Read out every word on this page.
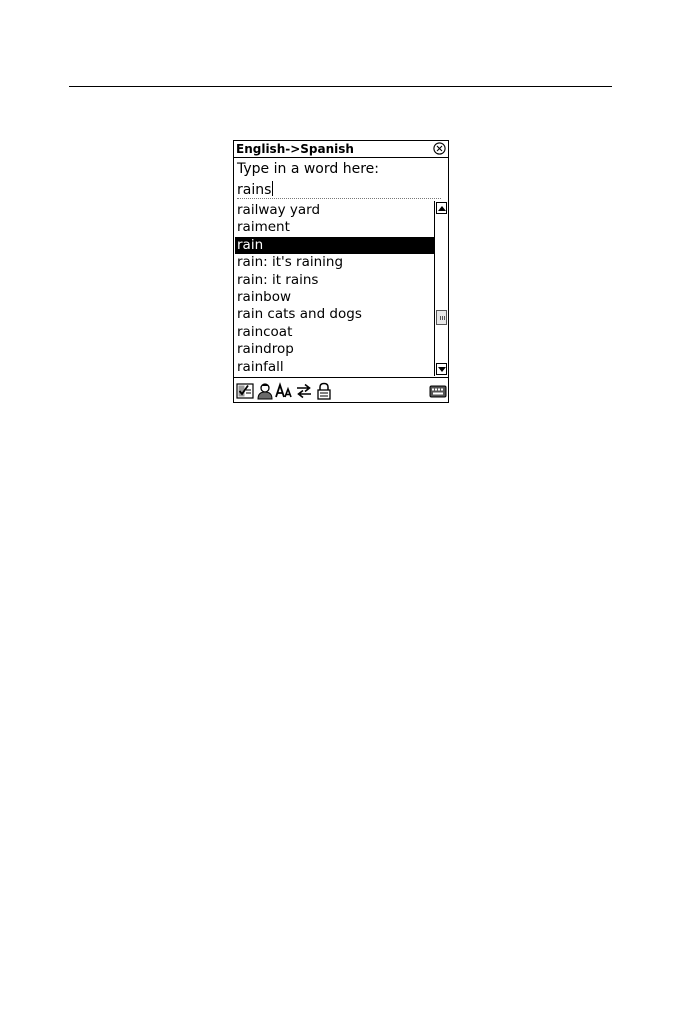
English->Spanish
Type in a word here:
rains
railway yard
raiment
rain
rain: it's raining
rain: it rains
rainbow
rain cats and dogs
raincoat
raindrop
rainfall
